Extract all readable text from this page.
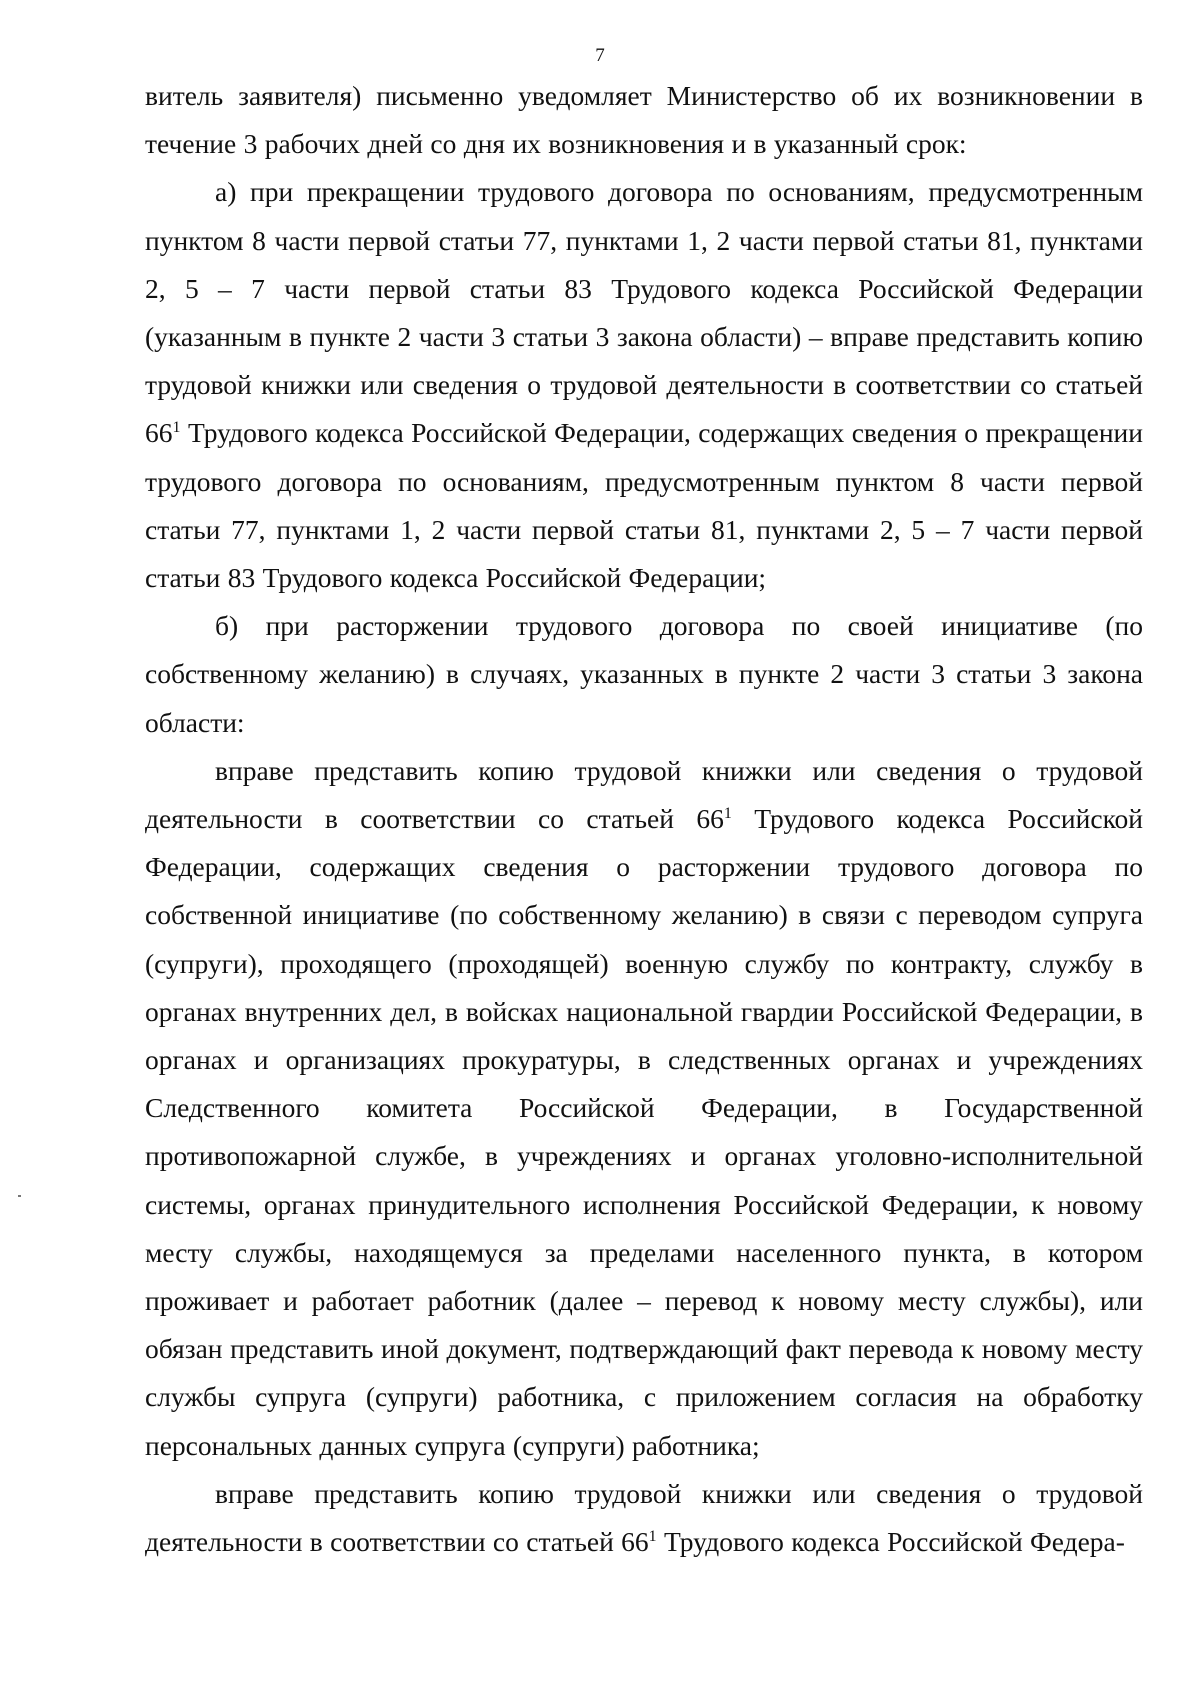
7

витель заявителя) письменно уведомляет Министерство об их возникновении в течение 3 рабочих дней со дня их возникновения и в указанный срок:

а) при прекращении трудового договора по основаниям, предусмотренным пунктом 8 части первой статьи 77, пунктами 1, 2 части первой статьи 81, пунктами 2, 5 – 7 части первой статьи 83 Трудового кодекса Российской Федерации (указанным в пункте 2 части 3 статьи 3 закона области) – вправе представить копию трудовой книжки или сведения о трудовой деятельности в соответствии со статьей $66^1$ Трудового кодекса Российской Федерации, содержащих сведения о прекращении трудового договора по основаниям, предусмотренным пунктом 8 части первой статьи 77, пунктами 1, 2 части первой статьи 81, пунктами 2, 5 – 7 части первой статьи 83 Трудового кодекса Российской Федерации;

б) при расторжении трудового договора по своей инициативе (по собственному желанию) в случаях, указанных в пункте 2 части 3 статьи 3 закона области:

вправе представить копию трудовой книжки или сведения о трудовой деятельности в соответствии со статьей $66^1$ Трудового кодекса Российской Федерации, содержащих сведения о расторжении трудового договора по собственной инициативе (по собственному желанию) в связи с переводом супруга (супруги), проходящего (проходящей) военную службу по контракту, службу в органах внутренних дел, в войсках национальной гвардии Российской Федерации, в органах и организациях прокуратуры, в следственных органах и учреждениях Следственного комитета Российской Федерации, в Государственной противопожарной службе, в учреждениях и органах уголовно-исполнительной системы, органах принудительного исполнения Российской Федерации, к новому месту службы, находящемуся за пределами населенного пункта, в котором проживает и работает работник (далее – перевод к новому месту службы), или обязан представить иной документ, подтверждающий факт перевода к новому месту службы супруга (супруги) работника, с приложением согласия на обработку персональных данных супруга (супруги) работника;

вправе представить копию трудовой книжки или сведения о трудовой деятельности в соответствии со статьей $66^1$ Трудового кодекса Российской Федера-
